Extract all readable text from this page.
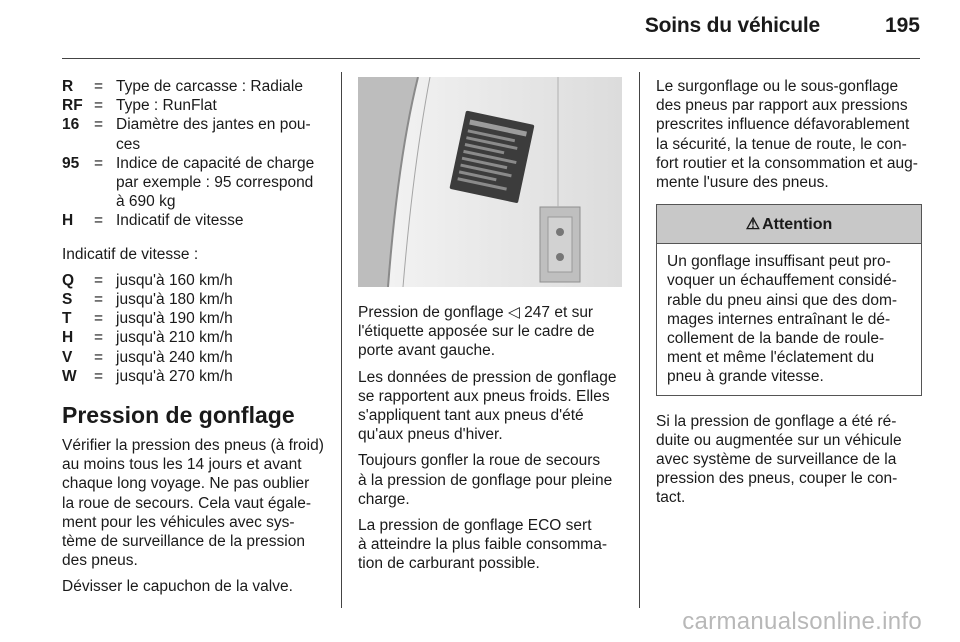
Soins du véhicule	195
R	= Type de carcasse : Radiale
RF = Type : RunFlat
16 = Diamètre des jantes en pou-
ces
95 = Indice de capacité de charge
par exemple : 95 correspond
à 690 kg
H	= Indicatif de vitesse

Indicatif de vitesse :

Q	= jusqu'à 160 km/h
S	= jusqu'à 180 km/h
T	= jusqu'à 190 km/h
H	= jusqu'à 210 km/h
V	= jusqu'à 240 km/h
W	= jusqu'à 270 km/h
Pression de gonflage

Vérifier la pression des pneus (à froid)
au moins tous les 14 jours et avant
chaque long voyage. Ne pas oublier
la roue de secours. Cela vaut égale-
ment pour les véhicules avec sys-
tème de surveillance de la pression
des pneus.

Dévisser le capuchon de la valve.

Pression de gonflage ◁ 247 et sur
l'étiquette apposée sur le cadre de
porte avant gauche.

Les données de pression de gonflage
se rapportent aux pneus froids. Elles
s'appliquent tant aux pneus d'été
qu'aux pneus d'hiver.

Toujours gonfler la roue de secours
à la pression de gonflage pour pleine
charge.

La pression de gonflage ECO sert
à atteindre la plus faible consomma-
tion de carburant possible.

Le surgonflage ou le sous-gonflage
des pneus par rapport aux pressions
prescrites influence défavorablement
la sécurité, la tenue de route, le con-
fort routier et la consommation et aug-
mente l'usure des pneus.

⚠ Attention
Un gonflage insuffisant peut pro-
voquer un échauffement considé-
rable du pneu ainsi que des dom-
mages internes entraînant le dé-
collement de la bande de roule-
ment et même l'éclatement du
pneu à grande vitesse.

Si la pression de gonflage a été ré-
duite ou augmentée sur un véhicule
avec système de surveillance de la
pression des pneus, couper le con-
tact.

carmanualsonline.info
